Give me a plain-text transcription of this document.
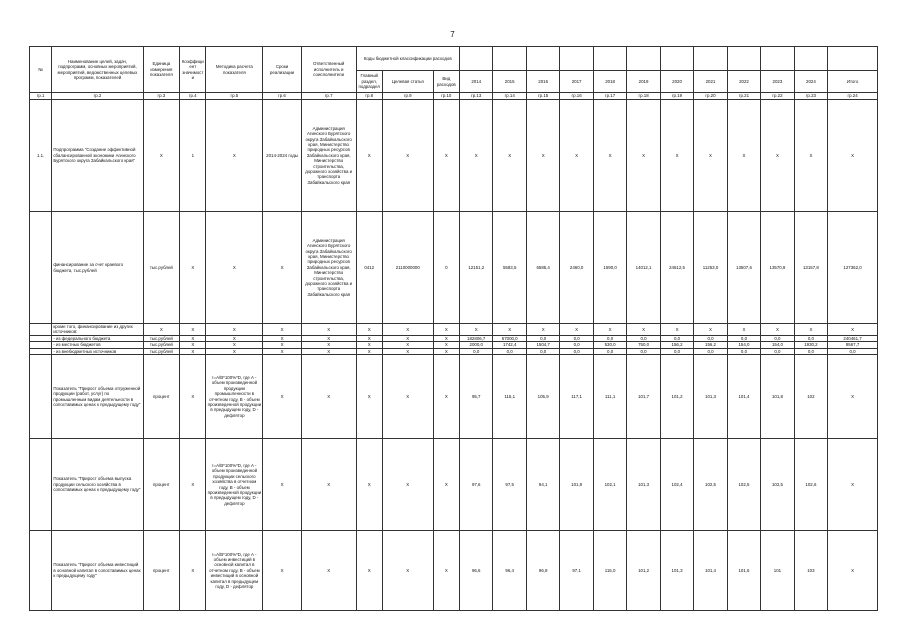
7
№	Наименование целей, задач, подпрограмм, основных мероприятий, мероприятий, ведомственных целевых программ, показателей	Единица измерения показателя	Коэффициент значимости	Методика расчета показателя	Сроки реализации	Ответственный исполнитель и соисполнители	Коды бюджетной классификации расходов														
							Главный раздел, подраздел	Целевая статья	Вид расходов	2014	2015	2016	2017	2018	2019	2020	2021	2022	2023	2024	Итого
гр.1	гр.2	гр.3	гр.4	гр.5	гр.6	гр.7	гр.8	гр.9	гр.10	гр.13	гр.14	гр.15	гр.16	гр.17	гр.18	гр.19	гр.20	гр.21	гр.22	гр.23	гр.24
1.1.	Подпрограмма "Создание эффективной сбалансированной экономики Агинского Бурятского округа Забайкальского края"	Х	1	Х	2014-2024 годы	Администрация Агинского Бурятского округа Забайкальского края, Министерство природных ресурсов Забайкальского края, Министерство строительства, дорожного хозяйства и транспорта Забайкальского края	Х	Х	Х	Х	Х	Х	Х	Х	Х	Х	Х	Х	Х	Х	Х
	финансирование за счет краевого бюджета, тыс.рублей	тыс.рублей	Х	Х	Х	Администрация Агинского Бурятского округа Забайкальского края, Министерство природных ресурсов Забайкальского края, Министерство строительства, дорожного хозяйства и транспорта Забайкальского края	0412	2110000000	0	12151,2	5583,5	6585,4	2460,0	1590,0	14012,1	24612,5	11253,0	13507,6	13570,9	13157,8	127362,0
	кроме того, финансирование из других источников:	Х	Х	Х	Х	Х	Х	Х	Х	Х	Х	Х	Х	Х	Х	Х	Х	Х	Х	Х	Х
	- из федерального бюджета	тыс.рублей	Х	Х	Х	Х	Х	Х	Х	182806,7	57000,0	0,0	0,0	0,0	0,0	0,0	0,0	0,0	0,0	0,0	240461,7
	- из местных бюджетов	тыс.рублей	Х	Х	Х	Х	Х	Х	Х	2000,0	1742,4	1504,7	0,0	530,0	750,0	156,2	156,2	154,0	154,0	1930,2	9567,7
	- из внебюджетных источников	тыс.рублей	Х	Х	Х	Х	Х	Х	Х	0,0	0,0	0,0	0,0	0,0	0,0	0,0	0,0	0,0	0,0	0,0	0,0
	Показатель "Прирост объема отгруженной продукции (работ, услуг) по промышленным видам деятельности в сопоставимых ценах к предыдущему году"	процент	Х	I=A/B*100%*D, где A - объем произведенной продукции промышленности в отчетном году, B - объем произведенной продукции в предыдущем году, D - дефлятор	Х	Х	Х	Х	Х	95,7	115,1	105,9	117,1	111,1	101,7	101,2	101,3	101,4	101,8	102	Х
	Показатель "Прирост объема выпуска продукции сельского хозяйства в сопоставимых ценах к предыдущему году"	процент	Х	I=A/B*100%*D, где A - объем произведенной продукции сельского хозяйства в отчетном году, B - объем произведенной продукции в предыдущем году, D - дефлятор	Х	Х	Х	Х	Х	97,6	97,5	94,1	101,9	102,1	101,3	102,4	102,5	102,5	102,5	102,6	Х
	Показатель "Прирост объема инвестиций в основной капитал в сопоставимых ценах к предыдущему году"	процент	Х	I=A/B*100%*D, где A - объем инвестиций в основной капитал в отчетном году, B - объем инвестиций в основной капитал в предыдущем году, D - дефлятор	Х	Х	Х	Х	Х	96,6	96,4	96,9	97,1	115,0	101,2	101,3	101,4	101,6	101	103	Х
